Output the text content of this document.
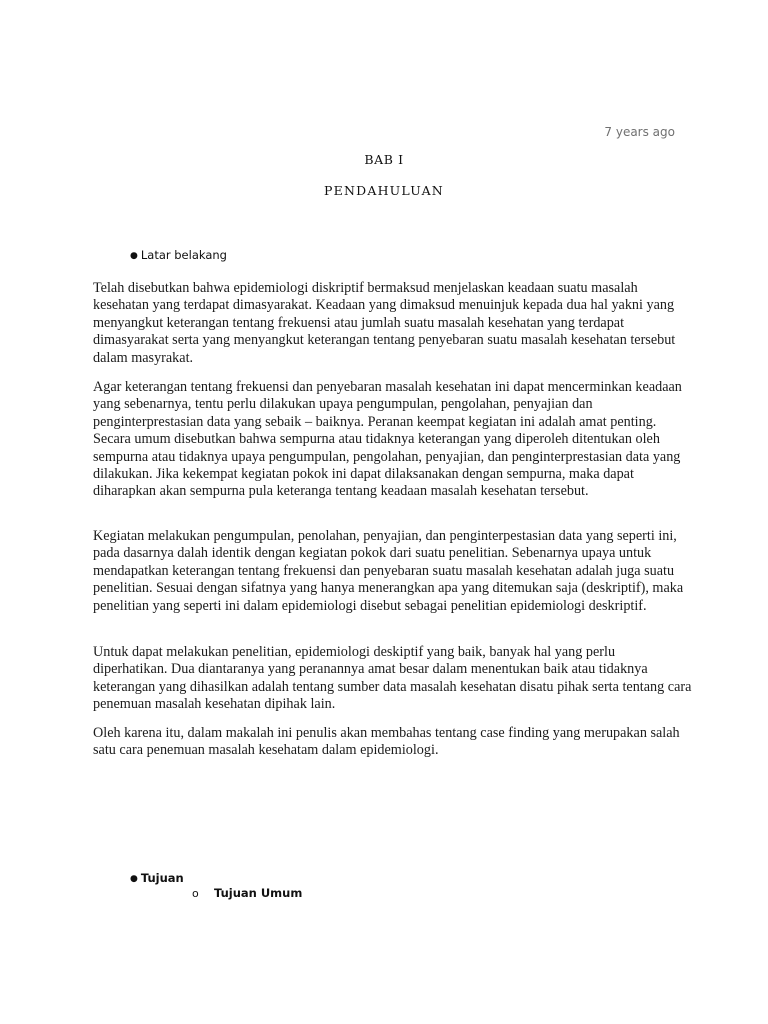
7 years ago
BAB I
PENDAHULUAN
● Latar belakang

Telah disebutkan bahwa epidemiologi diskriptif bermaksud menjelaskan keadaan suatu masalah kesehatan yang terdapat dimasyarakat. Keadaan yang dimaksud menuinjuk kepada dua hal yakni yang menyangkut keterangan tentang frekuensi atau jumlah suatu masalah kesehatan yang terdapat dimasyarakat serta yang menyangkut keterangan tentang penyebaran suatu masalah kesehatan tersebut dalam masyrakat.

Agar keterangan tentang frekuensi dan penyebaran masalah kesehatan ini dapat mencerminkan keadaan yang sebenarnya, tentu perlu dilakukan upaya pengumpulan, pengolahan, penyajian dan penginterprestasian data yang sebaik – baiknya. Peranan keempat kegiatan ini adalah amat penting. Secara umum disebutkan bahwa sempurna atau tidaknya keterangan yang diperoleh ditentukan oleh sempurna atau tidaknya upaya pengumpulan, pengolahan, penyajian, dan penginterprestasian data yang dilakukan. Jika kekempat kegiatan pokok ini dapat dilaksanakan dengan sempurna, maka dapat diharapkan akan sempurna pula keteranga tentang keadaan masalah kesehatan tersebut.

Kegiatan melakukan pengumpulan, penolahan, penyajian, dan penginterpestasian data yang seperti ini, pada dasarnya dalah identik dengan kegiatan pokok dari suatu penelitian. Sebenarnya upaya untuk mendapatkan keterangan tentang frekuensi dan penyebaran suatu masalah kesehatan adalah juga suatu penelitian. Sesuai dengan sifatnya yang hanya menerangkan apa yang ditemukan saja (deskriptif), maka penelitian yang seperti ini dalam epidemiologi disebut sebagai penelitian epidemiologi deskriptif.

Untuk dapat melakukan penelitian, epidemiologi deskiptif yang baik, banyak hal yang perlu diperhatikan. Dua diantaranya yang peranannya amat besar dalam menentukan baik atau tidaknya keterangan yang dihasilkan adalah tentang sumber data masalah kesehatan disatu pihak serta tentang cara penemuan masalah kesehatan dipihak lain.

Oleh karena itu, dalam makalah ini penulis akan membahas tentang case finding yang merupakan salah satu cara penemuan masalah kesehatam dalam epidemiologi.

● Tujuan
o Tujuan Umum
